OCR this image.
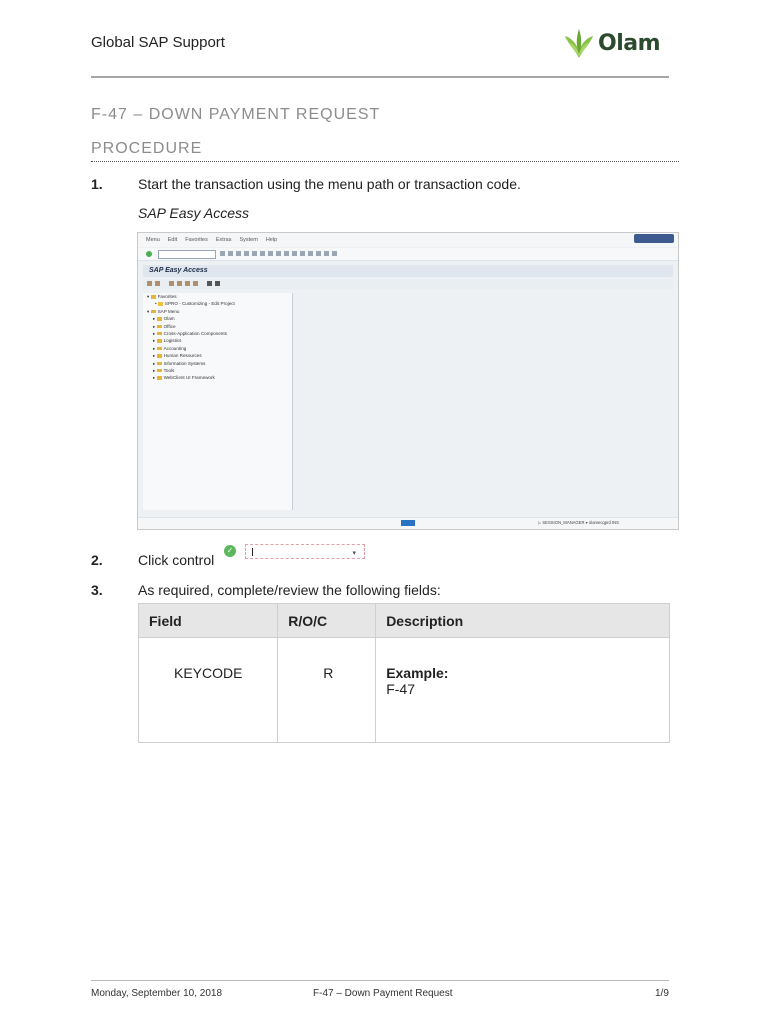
Global SAP Support	Olam
F-47 – DOWN PAYMENT REQUEST
PROCEDURE
1.	Start the transaction using the menu path or transaction code.
SAP Easy Access
Menu Edit Favorites Extras System Help
SAP Easy Access
▾ Favorites
• SPRO - Customizing - Edit Project
▾ SAP Menu
▸ Olam
▸ Office
▸ Cross-Application Components
▸ Logistics
▸ Accounting
▸ Human Resources
▸ Information Systems
▸ Tools
▸ WebClient UI Framework
▷ SESSION_MANAGER ▾ olamecqprd INS
2.	Click control
✓	▾
3.	As required, complete/review the following fields:
Field	R/O/C	Description

KEYCODE	R	Example:
F-47
Monday, September 10, 2018	F-47 – Down Payment Request	1/9
